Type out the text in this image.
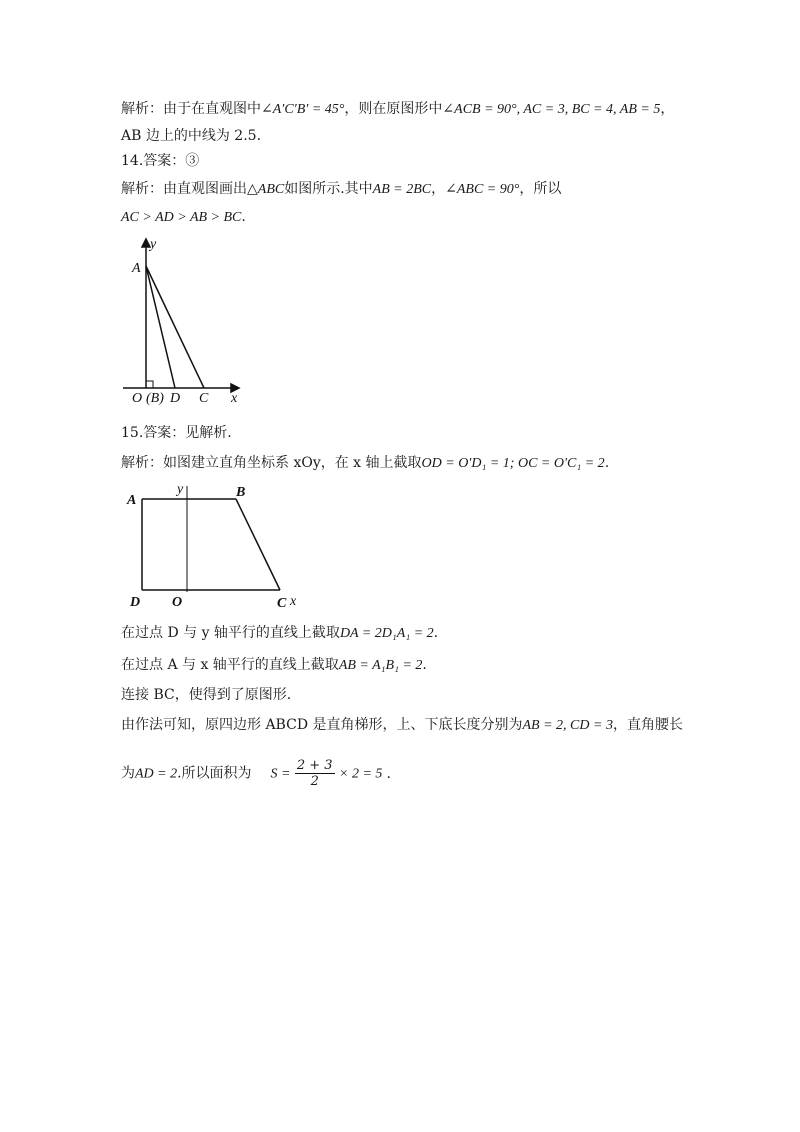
解析：由于在直观图中∠A′C′B′ = 45°，则在原图形中∠ACB = 90°, AC = 3, BC = 4, AB = 5，
AB 边上的中线为 2.5.
14.答案：③
解析：由直观图画出△ABC如图所示.其中AB = 2BC，∠ABC = 90°，所以
AC > AD > AB > BC.
y
A
O (B) D C x
15.答案：见解析.
解析：如图建立直角坐标系 xOy，在 x 轴上截取OD = O′D₁ = 1; OC = O′C₁ = 2.
A
y	B
D O	C x
在过点 D 与 y 轴平行的直线上截取DA = 2D₁A₁ = 2.
在过点 A 与 x 轴平行的直线上截取AB = A₁B₁ = 2.
连接 BC，使得到了原图形.
由作法可知，原四边形 ABCD 是直角梯形，上、下底长度分别为AB = 2, CD = 3，直角腰长
为AD = 2.所以面积为 $S = \frac{2 + 3}{2} \times 2 = 5$ .
